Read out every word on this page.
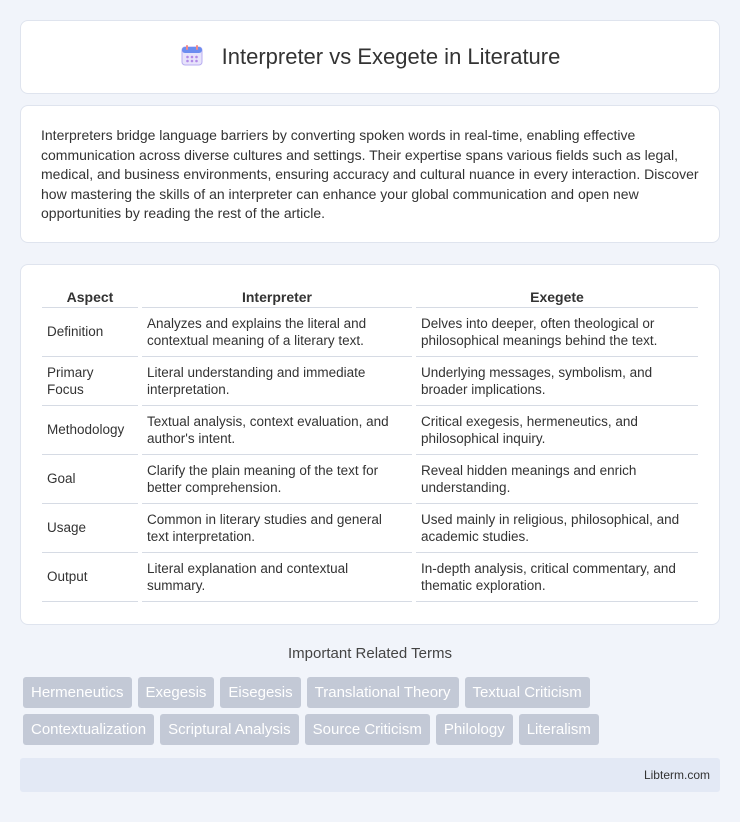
Interpreter vs Exegete in Literature

Interpreters bridge language barriers by converting spoken words in real-time, enabling effective communication across diverse cultures and settings. Their expertise spans various fields such as legal, medical, and business environments, ensuring accuracy and cultural nuance in every interaction. Discover how mastering the skills of an interpreter can enhance your global communication and open new opportunities by reading the rest of the article.

Aspect	Interpreter	Exegete
Definition	Analyzes and explains the literal and contextual meaning of a literary text.	Delves into deeper, often theological or philosophical meanings behind the text.
Primary Focus	Literal understanding and immediate interpretation.	Underlying messages, symbolism, and broader implications.
Methodology	Textual analysis, context evaluation, and author's intent.	Critical exegesis, hermeneutics, and philosophical inquiry.
Goal	Clarify the plain meaning of the text for better comprehension.	Reveal hidden meanings and enrich understanding.
Usage	Common in literary studies and general text interpretation.	Used mainly in religious, philosophical, and academic studies.
Output	Literal explanation and contextual summary.	In-depth analysis, critical commentary, and thematic exploration.
Important Related Terms
Hermeneutics	Exegesis	Eisegesis	Translational Theory	Textual Criticism
Contextualization	Scriptural Analysis	Source Criticism	Philology	Literalism
Libterm.com
